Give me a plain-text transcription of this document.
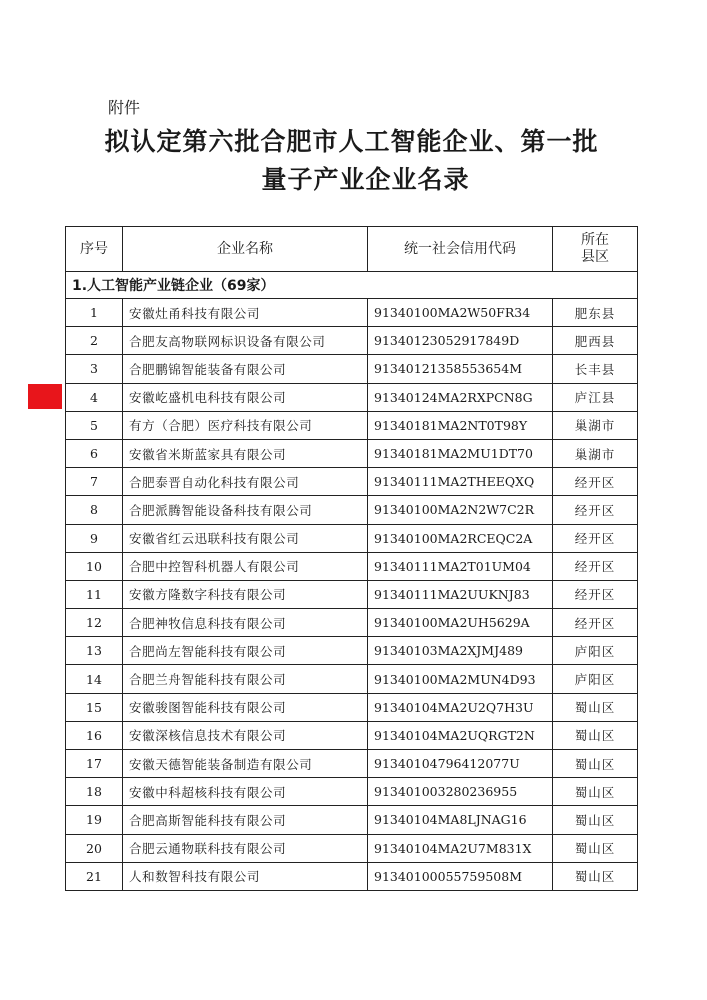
附件
拟认定第六批合肥市人工智能企业、第一批
量子产业企业名录
序号	企业名称	统一社会信用代码	所在
县区
1.人工智能产业链企业（69家）			
1	安徽灶甬科技有限公司	91340100MA2W50FR34	肥东县
2	合肥友高物联网标识设备有限公司	91340123052917849D	肥西县
3	合肥鹏锦智能装备有限公司	91340121358553654M	长丰县
4	安徽屹盛机电科技有限公司	91340124MA2RXPCN8G	庐江县
5	有方（合肥）医疗科技有限公司	91340181MA2NT0T98Y	巢湖市
6	安徽省米斯蓝家具有限公司	91340181MA2MU1DT70	巢湖市
7	合肥泰晋自动化科技有限公司	91340111MA2THEEQXQ	经开区
8	合肥派腾智能设备科技有限公司	91340100MA2N2W7C2R	经开区
9	安徽省红云迅联科技有限公司	91340100MA2RCEQC2A	经开区
10	合肥中控智科机器人有限公司	91340111MA2T01UM04	经开区
11	安徽方隆数字科技有限公司	91340111MA2UUKNJ83	经开区
12	合肥神牧信息科技有限公司	91340100MA2UH5629A	经开区
13	合肥尚左智能科技有限公司	91340103MA2XJMJ489	庐阳区
14	合肥兰舟智能科技有限公司	91340100MA2MUN4D93	庐阳区
15	安徽骏图智能科技有限公司	91340104MA2U2Q7H3U	蜀山区
16	安徽深核信息技术有限公司	91340104MA2UQRGT2N	蜀山区
17	安徽天德智能装备制造有限公司	91340104796412077U	蜀山区
18	安徽中科超核科技有限公司	913401003280236955	蜀山区
19	合肥高斯智能科技有限公司	91340104MA8LJNAG16	蜀山区
20	合肥云通物联科技有限公司	91340104MA2U7M831X	蜀山区
21	人和数智科技有限公司	91340100055759508M	蜀山区
